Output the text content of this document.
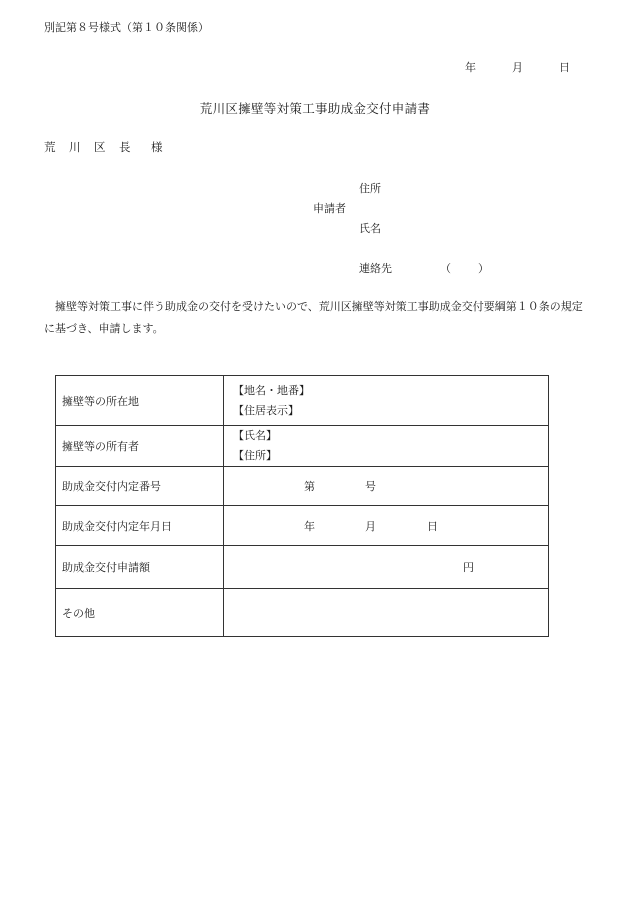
別記第８号様式（第１０条関係）
年	月	日
荒川区擁壁等対策工事助成金交付申請書
荒 川 区 長 様
住所
申請者
氏名
連絡先	（ ）
擁壁等対策工事に伴う助成金の交付を受けたいので、荒川区擁壁等対策工事助成金交付要綱第１０条の規定に基づき、申請します。
擁壁等の所在地	【地名・地番】
【住居表示】

擁壁等の所有者	【氏名】
【住所】

助成金交付内定番号	第 号

助成金交付内定年月日	年 月 日

助成金交付申請額	円

その他	
